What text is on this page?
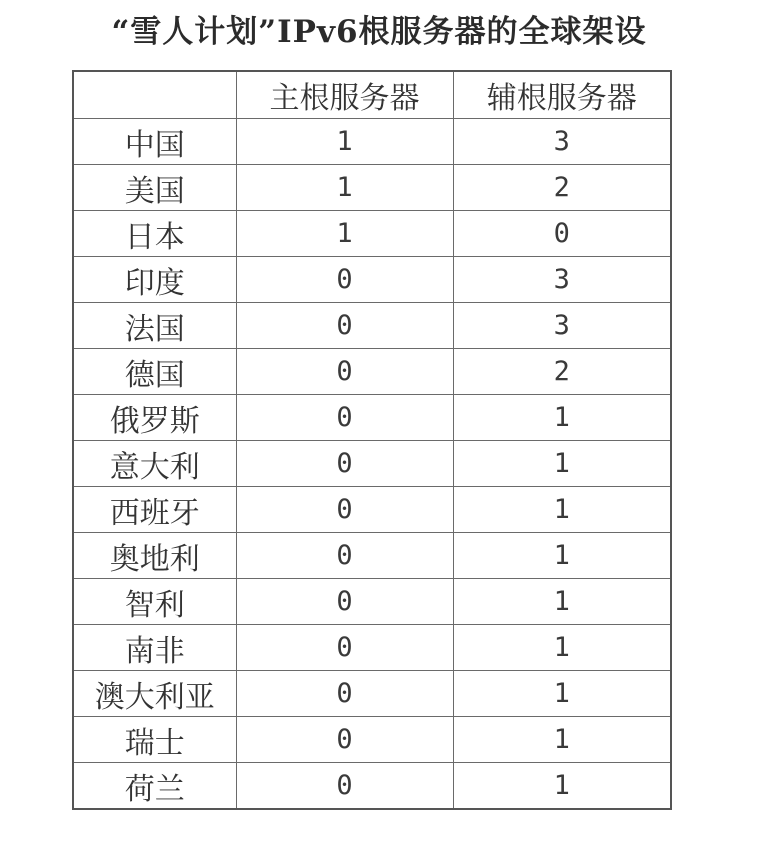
“雪人计划”IPv6根服务器的全球架设
	主根服务器	辅根服务器
中国	1	3
美国	1	2
日本	1	0
印度	0	3
法国	0	3
德国	0	2
俄罗斯	0	1
意大利	0	1
西班牙	0	1
奥地利	0	1
智利	0	1
南非	0	1
澳大利亚	0	1
瑞士	0	1
荷兰	0	1
